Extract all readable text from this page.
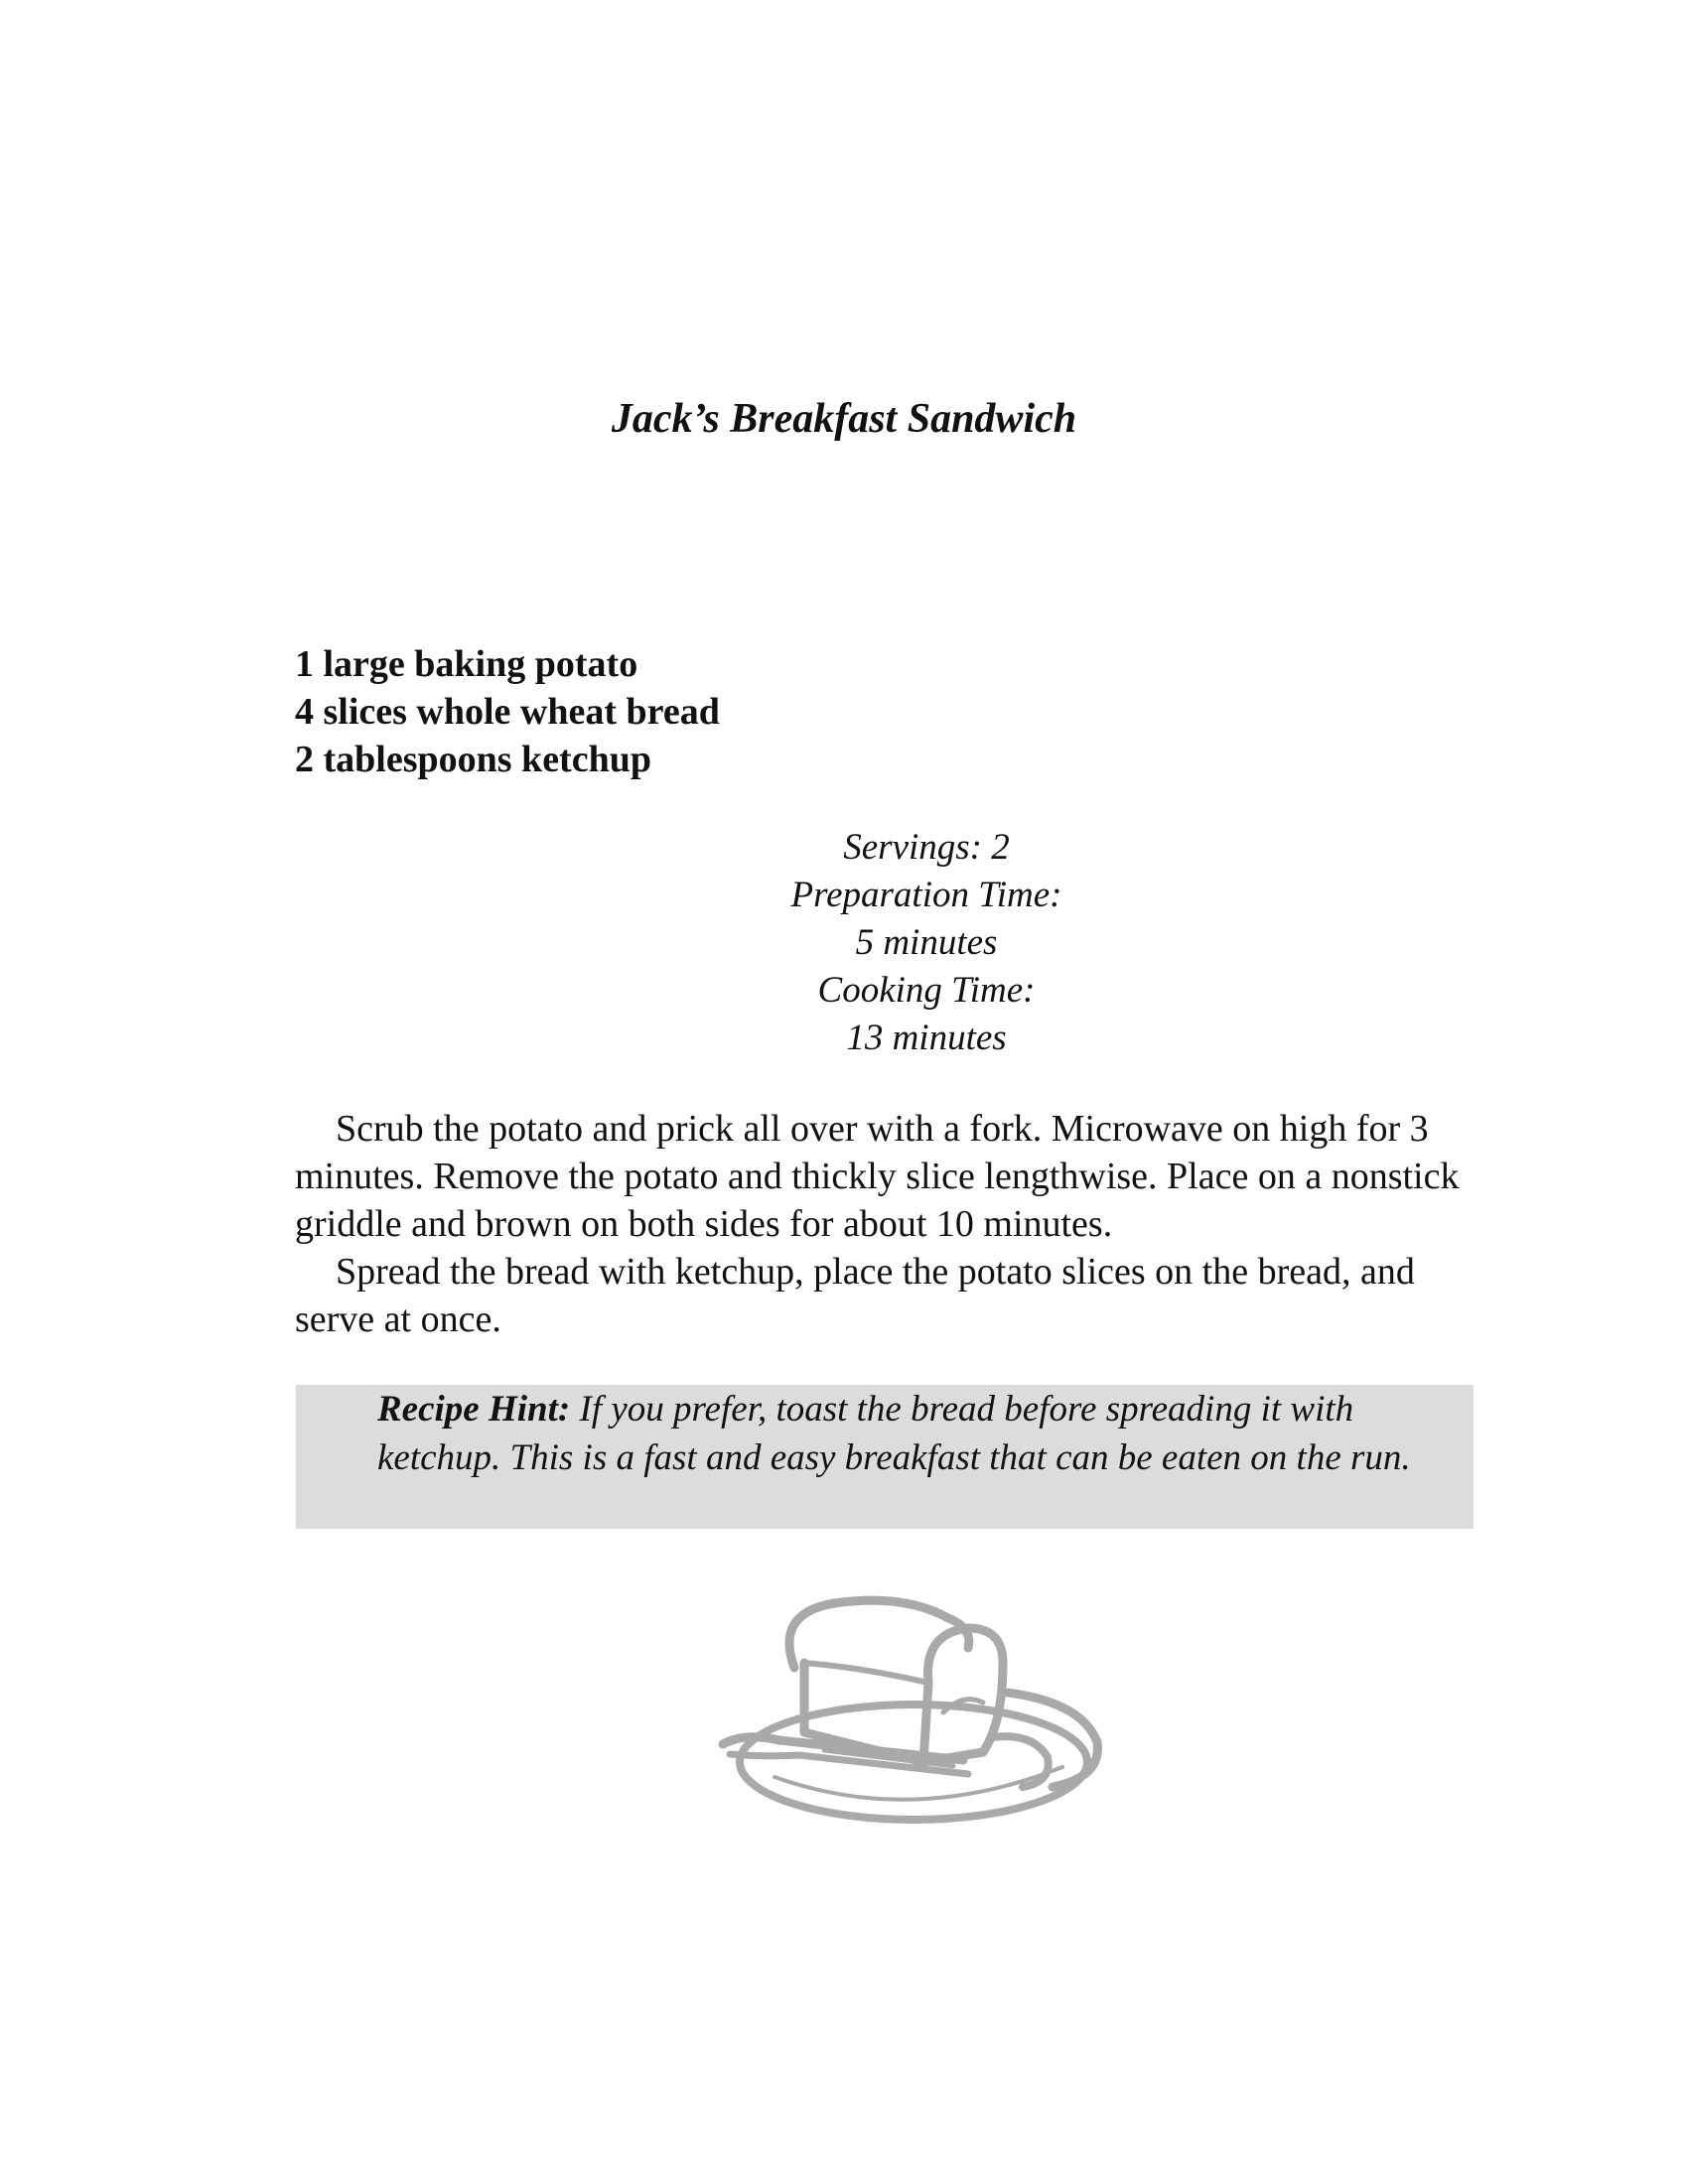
Jack’s Breakfast Sandwich
1 large baking potato
4 slices whole wheat bread
2 tablespoons ketchup
Servings: 2
Preparation Time:
5 minutes
Cooking Time:
13 minutes

Scrub the potato and prick all over with a fork. Microwave on high for 3 minutes. Remove the potato and thickly slice lengthwise. Place on a nonstick griddle and brown on both sides for about 10 minutes.

Spread the bread with ketchup, place the potato slices on the bread, and serve at once.

Recipe Hint: If you prefer, toast the bread before spreading it with ketchup. This is a fast and easy breakfast that can be eaten on the run.
